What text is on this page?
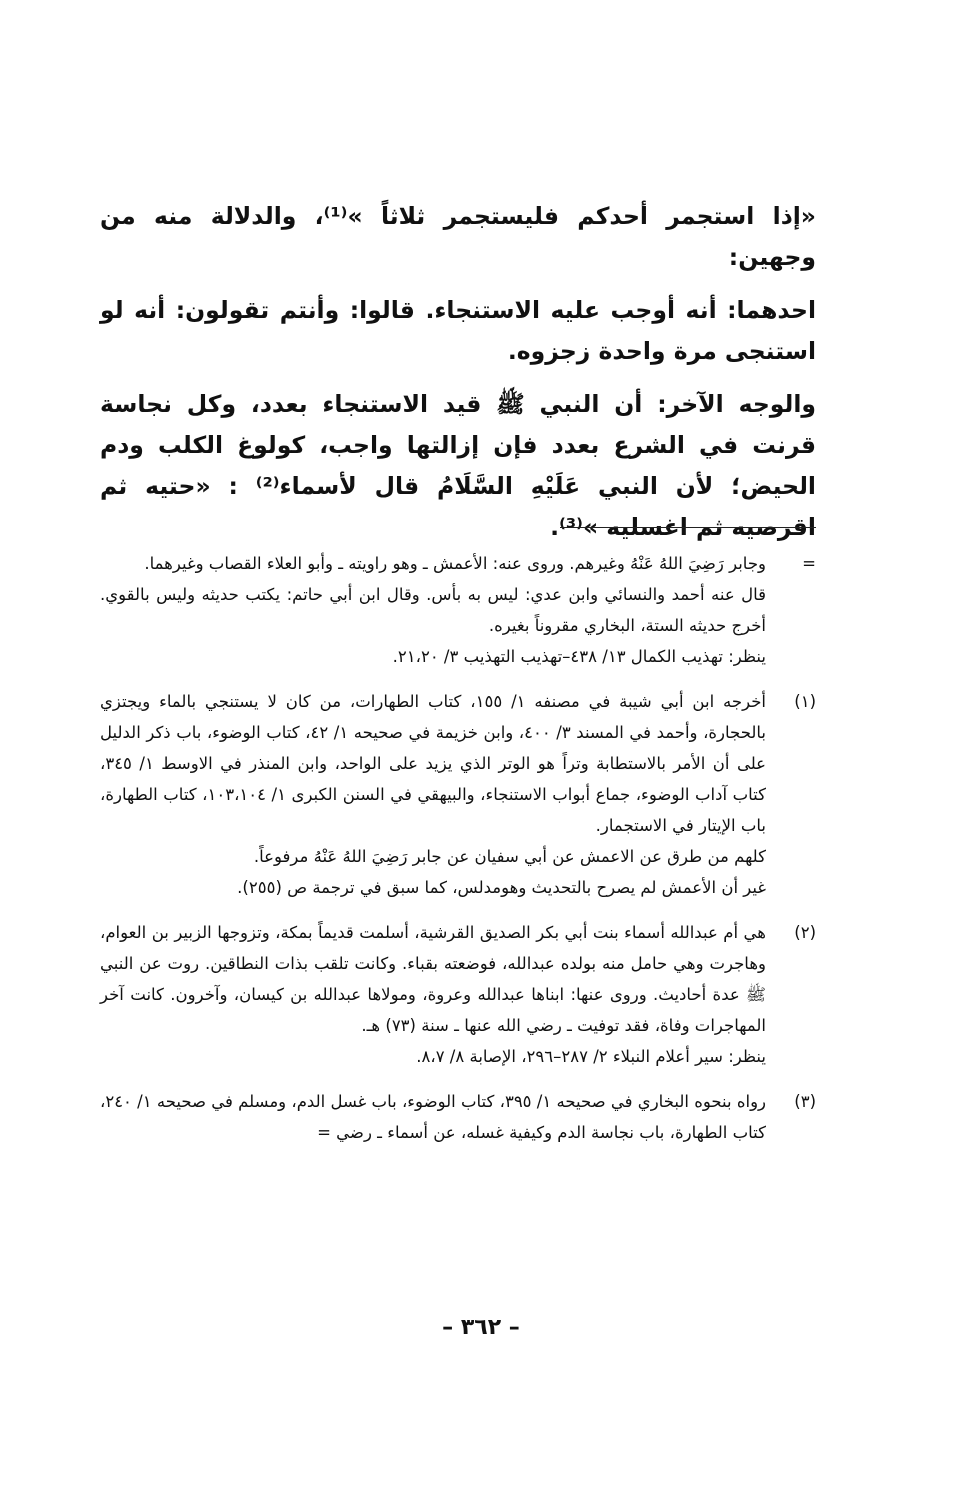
«إذا استجمر أحدكم فليستجمر ثلاثاً »⁽¹⁾، والدلالة منه من وجهين:

احدهما: أنه أوجب عليه الاستنجاء. قالوا: وأنتم تقولون: أنه لو استنجى مرة واحدة زجزوه.

والوجه الآخر: أن النبي ﷺ قيد الاستنجاء بعدد، وكل نجاسة قرنت في الشرع بعدد فإن إزالتها واجب، كولوغ الكلب ودم الحيض؛ لأن النبي عَلَيْهِ السَّلَامُ قال لأسماء⁽²⁾ : «حتيه ثم اقرصيه ثم اغسليه »⁽³⁾.

=
وجابر رَضِيَ اللهُ عَنْهُ وغيرهم. وروى عنه: الأعمش ـ وهو راويته ـ وأبو العلاء القصاب وغيرهما.
قال عنه أحمد والنسائي وابن عدي: ليس به بأس. وقال ابن أبي حاتم: يكتب حديثه وليس بالقوي. أخرج حديثه الستة، البخاري مقروناً بغيره.
ينظر: تهذيب الكمال ١٣/ ٤٣٨–تهذيب التهذيب ٣/ ٢١،٢٠.
(١)
أخرجه ابن أبي شيبة في مصنفه ١/ ١٥٥، كتاب الطهارات، من كان لا يستنجي بالماء ويجتزي بالحجارة، وأحمد في المسند ٣/ ٤٠٠، وابن خزيمة في صحيحه ١/ ٤٢، كتاب الوضوء، باب ذكر الدليل على أن الأمر بالاستطابة وتراً هو الوتر الذي يزيد على الواحد، وابن المنذر في الاوسط ١/ ٣٤٥، كتاب آداب الوضوء، جماع أبواب الاستنجاء، والبيهقي في السنن الكبرى ١/ ١٠٣،١٠٤، كتاب الطهارة، باب الإيتار في الاستجمار.
كلهم من طرق عن الاعمش عن أبي سفيان عن جابر رَضِيَ اللهُ عَنْهُ مرفوعاً.
غير أن الأعمش لم يصرح بالتحديث وهومدلس، كما سبق في ترجمة ص (٢٥٥).
(٢)
هي أم عبدالله أسماء بنت أبي بكر الصديق القرشية، أسلمت قديماً بمكة، وتزوجها الزبير بن العوام، وهاجرت وهي حامل منه بولده عبدالله، فوضعته بقباء. وكانت تلقب بذات النطاقين. روت عن النبي ﷺ عدة أحاديث. وروى عنها: ابناها عبدالله وعروة، ومولاها عبدالله بن كيسان، وآخرون. كانت آخر المهاجرات وفاة، فقد توفيت ـ رضي الله عنها ـ سنة (٧٣) هـ.
ينظر: سير أعلام النبلاء ٢/ ٢٨٧–٢٩٦، الإصابة ٨/ ٨،٧.
(٣)
رواه بنحوه البخاري في صحيحه ١/ ٣٩٥، كتاب الوضوء، باب غسل الدم، ومسلم في صحيحه ١/ ٢٤٠، كتاب الطهارة، باب نجاسة الدم وكيفية غسله، عن أسماء ـ رضي =
– ٣٦٢ –
